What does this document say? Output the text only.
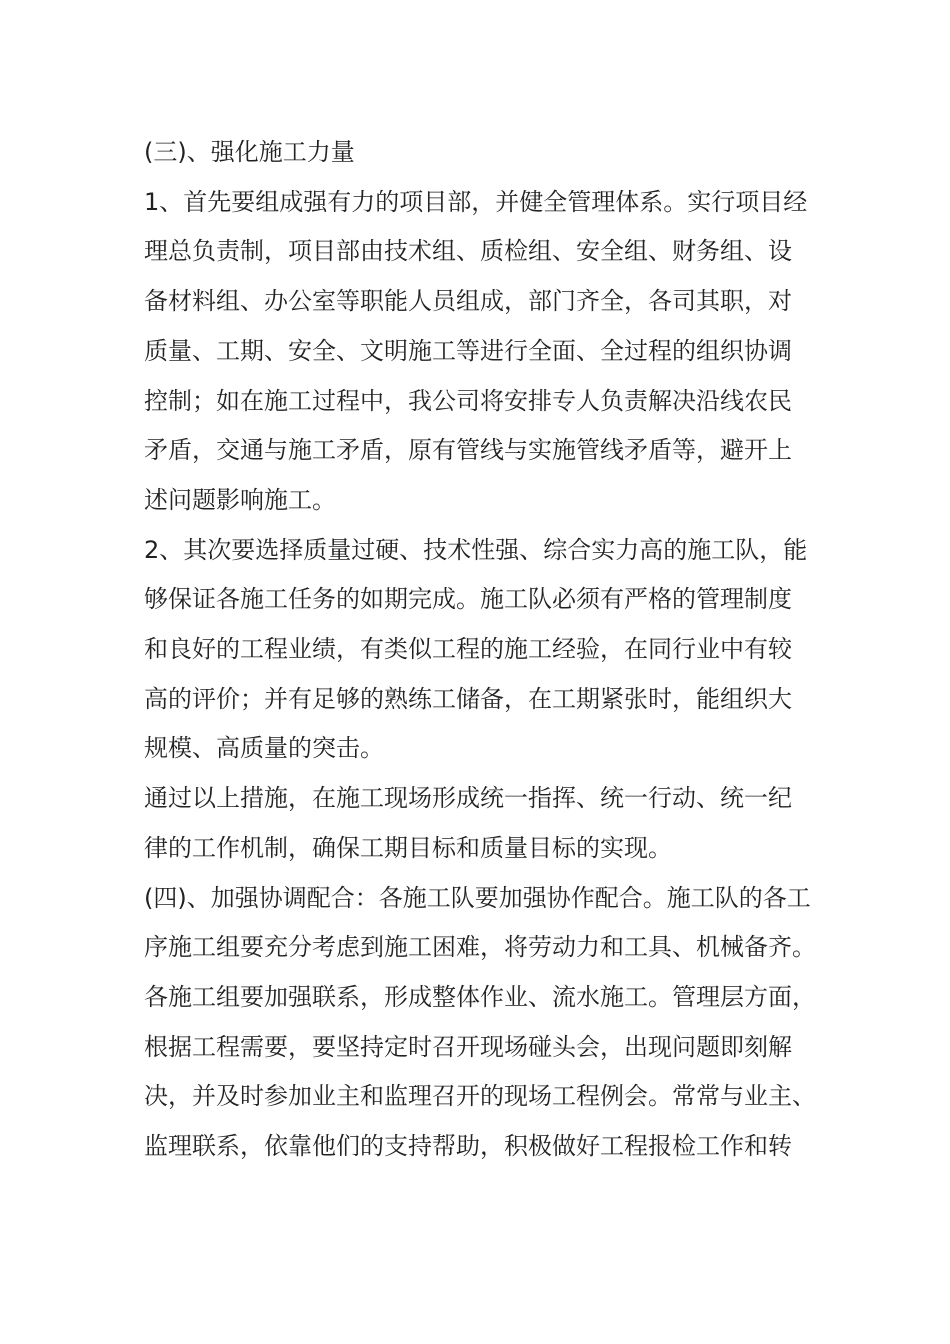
(三)、强化施工力量

1、首先要组成强有力的项目部，并健全管理体系。实行项目经
理总负责制，项目部由技术组、质检组、安全组、财务组、设
备材料组、办公室等职能人员组成，部门齐全，各司其职，对
质量、工期、安全、文明施工等进行全面、全过程的组织协调
控制；如在施工过程中，我公司将安排专人负责解决沿线农民
矛盾，交通与施工矛盾，原有管线与实施管线矛盾等，避开上
述问题影响施工。

2、其次要选择质量过硬、技术性强、综合实力高的施工队，能
够保证各施工任务的如期完成。施工队必须有严格的管理制度
和良好的工程业绩，有类似工程的施工经验，在同行业中有较
高的评价；并有足够的熟练工储备，在工期紧张时，能组织大
规模、高质量的突击。

通过以上措施，在施工现场形成统一指挥、统一行动、统一纪
律的工作机制，确保工期目标和质量目标的实现。

(四)、加强协调配合：各施工队要加强协作配合。施工队的各工
序施工组要充分考虑到施工困难，将劳动力和工具、机械备齐。
各施工组要加强联系，形成整体作业、流水施工。管理层方面，
根据工程需要，要坚持定时召开现场碰头会，出现问题即刻解
决，并及时参加业主和监理召开的现场工程例会。常常与业主、
监理联系，依靠他们的支持帮助，积极做好工程报检工作和转
